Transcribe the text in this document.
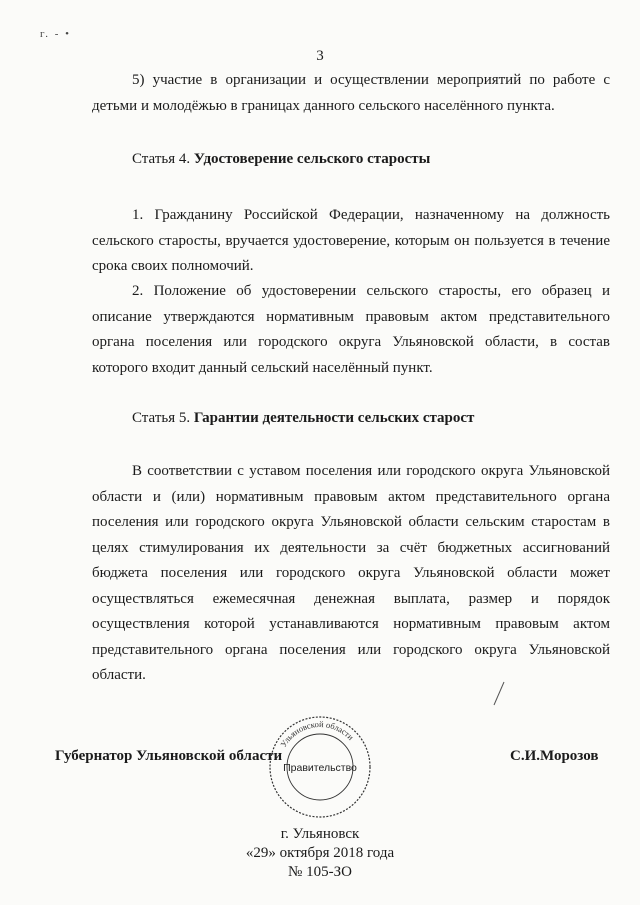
г. - •
3

5) участие в организации и осуществлении мероприятий по работе с детьми и молодёжью в границах данного сельского населённого пункта.

Статья 4. Удостоверение сельского старосты

1. Гражданину Российской Федерации, назначенному на должность сельского старосты, вручается удостоверение, которым он пользуется в течение срока своих полномочий.

2. Положение об удостоверении сельского старосты, его образец и описание утверждаются нормативным правовым актом представительного органа поселения или городского округа Ульяновской области, в состав которого входит данный сельский населённый пункт.

Статья 5. Гарантии деятельности сельских старост

В соответствии с уставом поселения или городского округа Ульяновской области и (или) нормативным правовым актом представительного органа поселения или городского округа Ульяновской области сельским старостам в целях стимулирования их деятельности за счёт бюджетных ассигнований бюджета поселения или городского округа Ульяновской области может осуществляться ежемесячная денежная выплата, размер и порядок осуществления которой устанавливаются нормативным правовым актом представительного органа поселения или городского округа Ульяновской области.

Ульяновской области
Правительство
Губернатор Ульяновской области	С.И.Морозов
г. Ульяновск
«29» октября 2018 года
№ 105-ЗО
